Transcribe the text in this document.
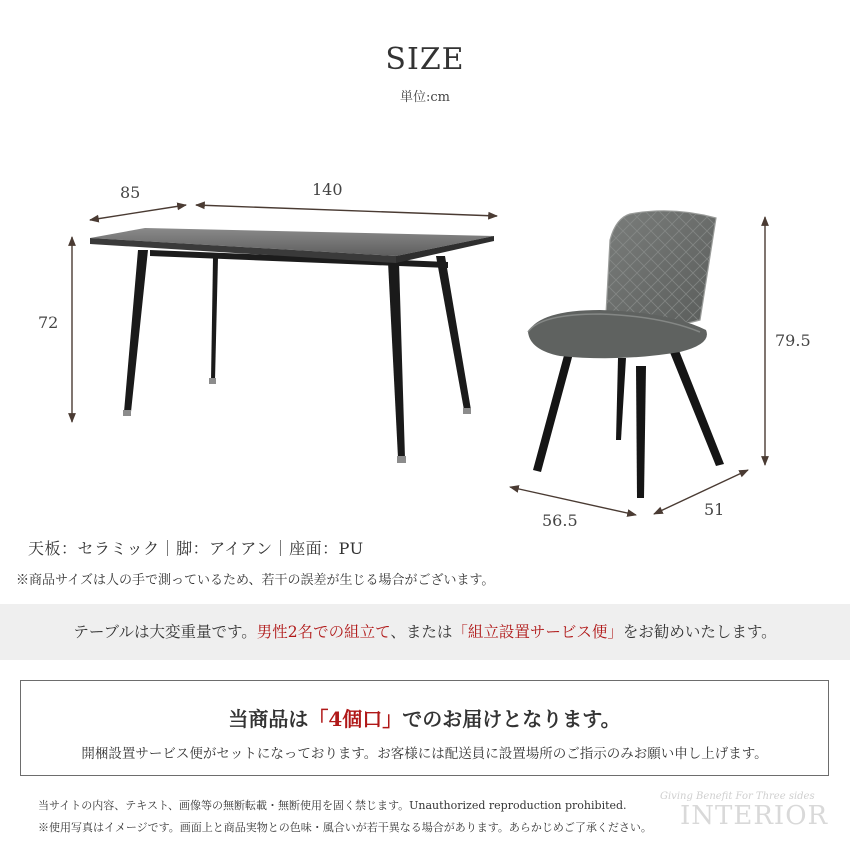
SIZE
単位:cm
85	140
72
79.5
56.5
51
天板：セラミック｜脚：アイアン｜座面：PU
※商品サイズは人の手で測っているため、若干の誤差が生じる場合がございます。
テーブルは大変重量です。男性2名での組立て、または「組立設置サービス便」をお勧めいたします。
当商品は「4個口」でのお届けとなります。
開梱設置サービス便がセットになっております。お客様には配送員に設置場所のご指示のみお願い申し上げます。
Giving Benefit For Three sides
INTERIOR
当サイトの内容、テキスト、画像等の無断転載・無断使用を固く禁じます。Unauthorized reproduction prohibited.
※使用写真はイメージです。画面上と商品実物との色味・風合いが若干異なる場合があります。あらかじめご了承ください。
